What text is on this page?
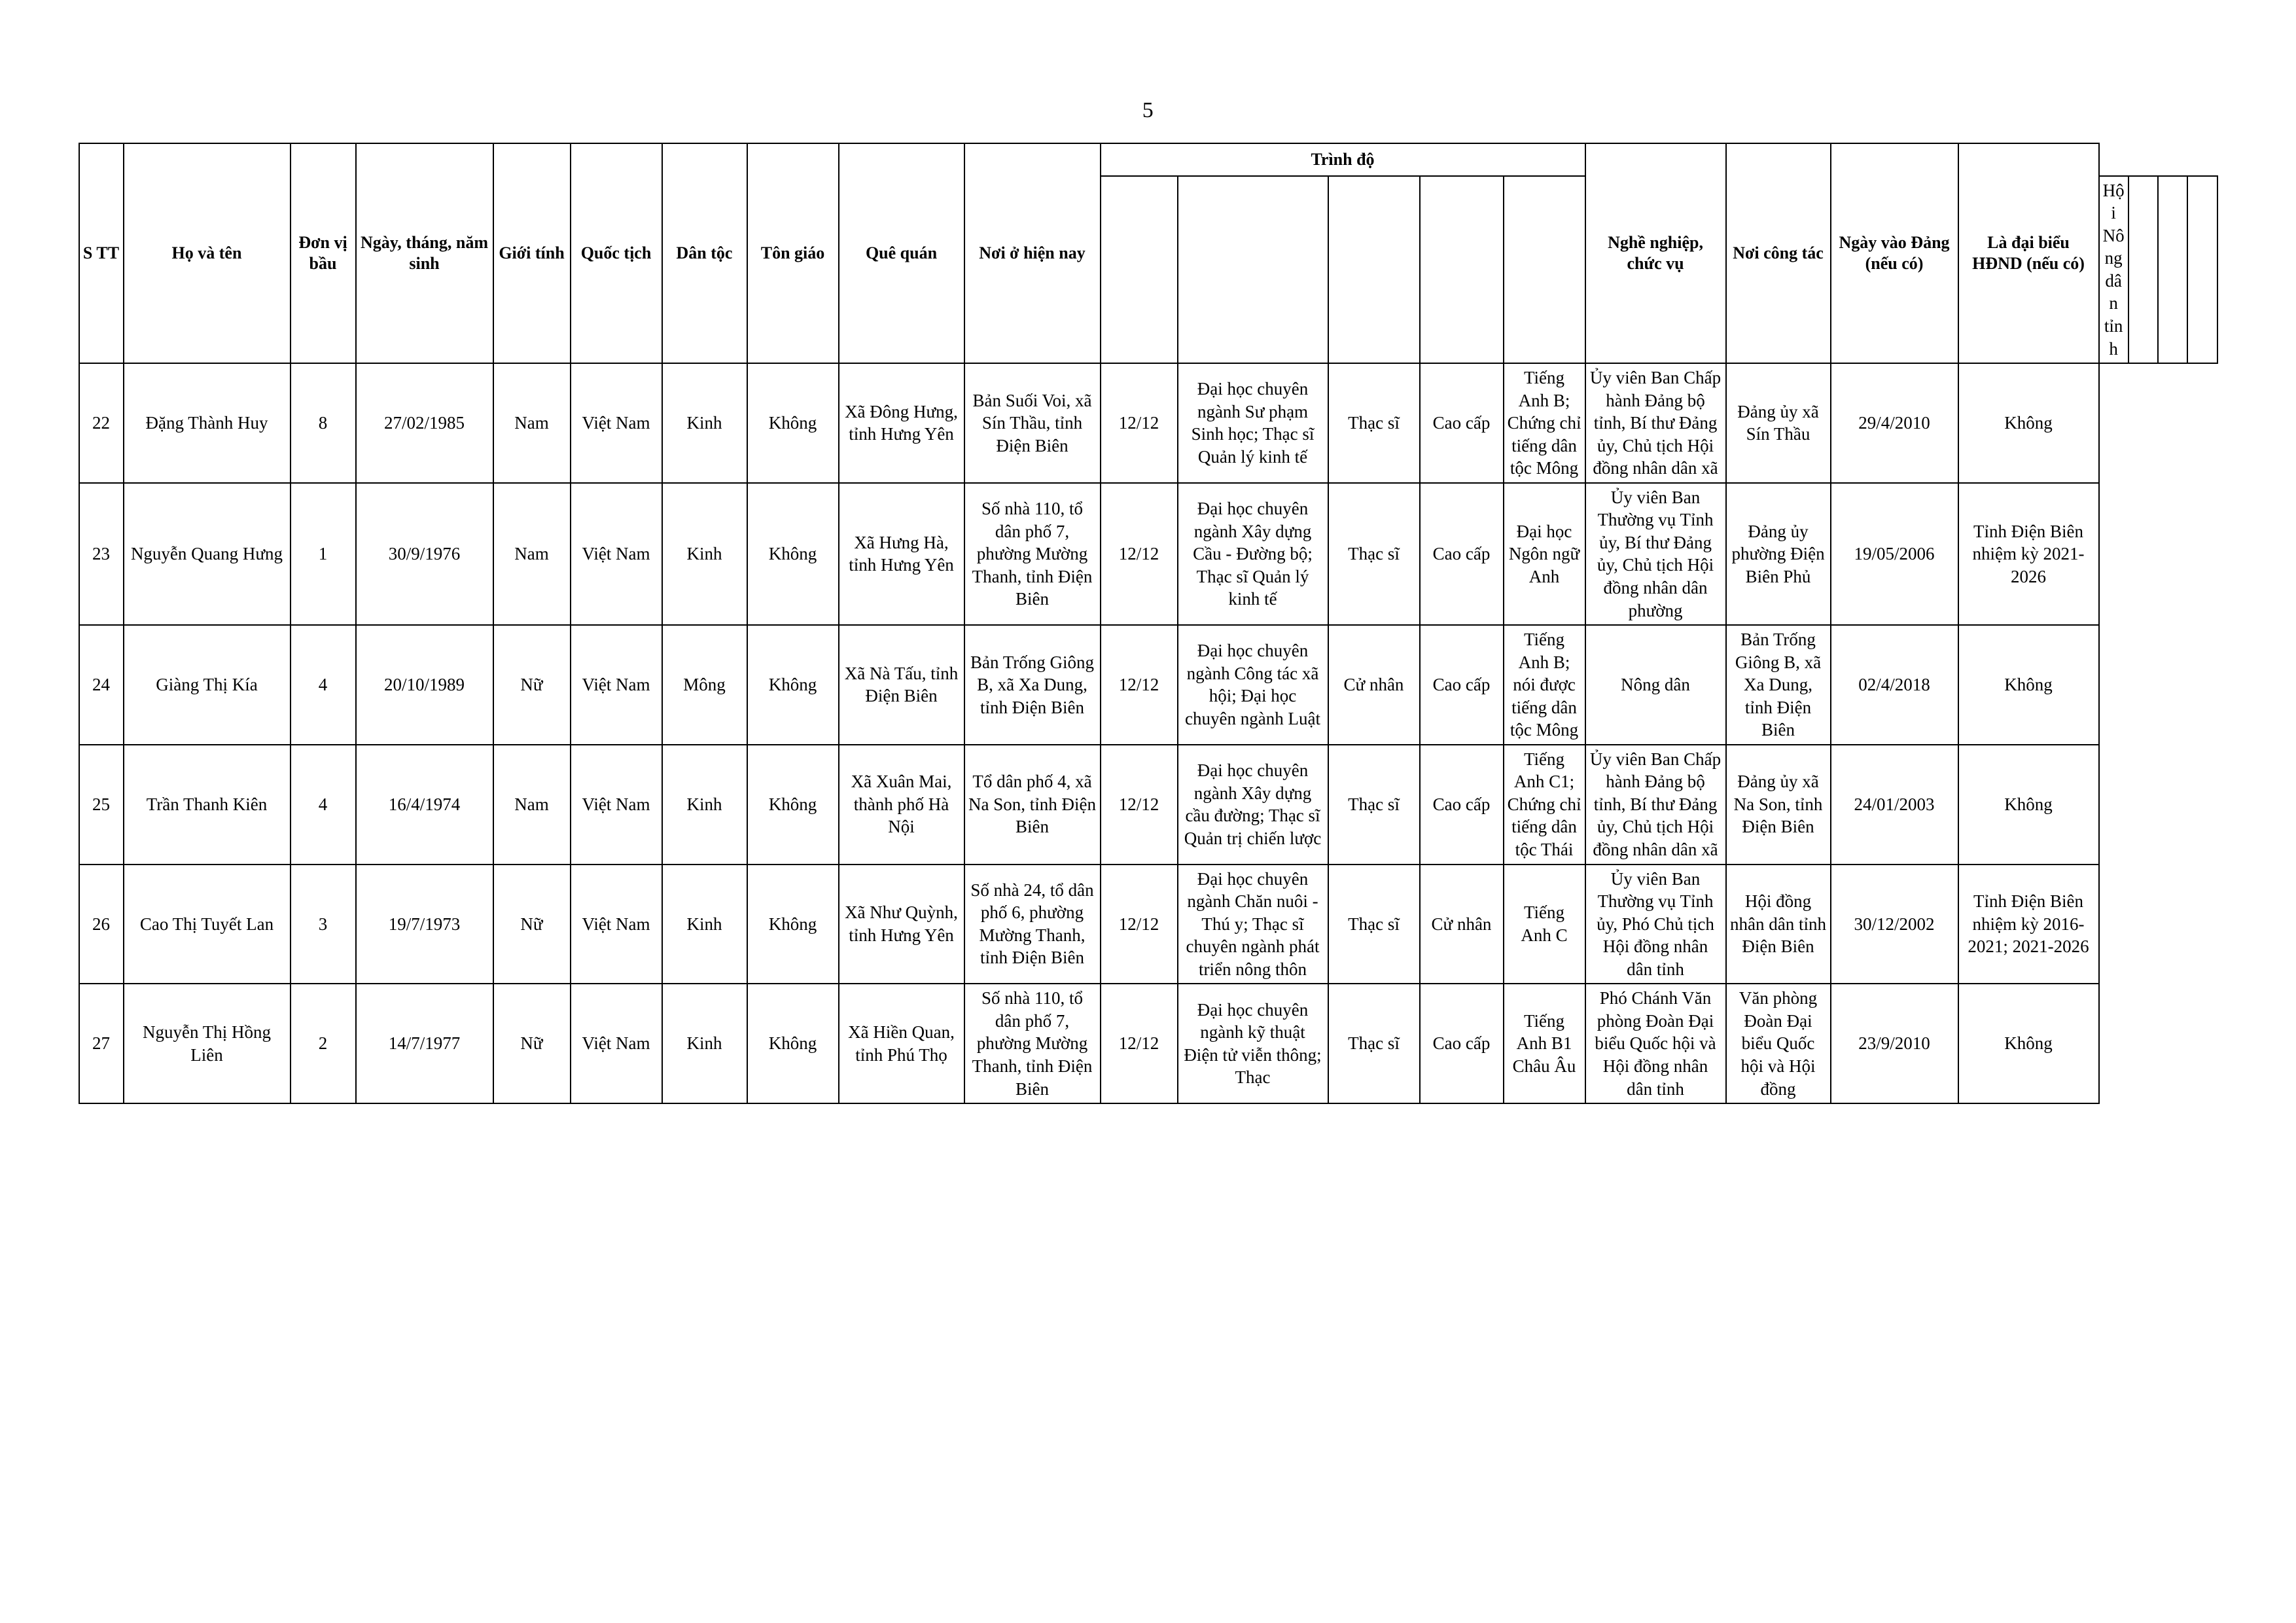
5
S TT	Họ và tên	Đơn vị bầu	Ngày, tháng, năm sinh	Giới tính	Quốc tịch	Dân tộc	Tôn giáo	Quê quán	Nơi ở hiện nay	Trình độ					Nghề nghiệp, chức vụ	Nơi công tác	Ngày vào Đảng (nếu có)	Là đại biểu HĐND (nếu có)				
																			Hội Nông dân tỉnh			
22	Đặng Thành Huy	8	27/02/1985	Nam	Việt Nam	Kinh	Không	Xã Đông Hưng, tỉnh Hưng Yên	Bản Suối Voi, xã Sín Thầu, tỉnh Điện Biên	12/12	Đại học chuyên ngành Sư phạm Sinh học; Thạc sĩ Quản lý kinh tế	Thạc sĩ	Cao cấp	Tiếng Anh B; Chứng chỉ tiếng dân tộc Mông	Ủy viên Ban Chấp hành Đảng bộ tỉnh, Bí thư Đảng ủy, Chủ tịch Hội đồng nhân dân xã	Đảng ủy xã Sín Thầu	29/4/2010	Không				
23	Nguyễn Quang Hưng	1	30/9/1976	Nam	Việt Nam	Kinh	Không	Xã Hưng Hà, tỉnh Hưng Yên	Số nhà 110, tổ dân phố 7, phường Mường Thanh, tỉnh Điện Biên	12/12	Đại học chuyên ngành Xây dựng Cầu - Đường bộ; Thạc sĩ Quản lý kinh tế	Thạc sĩ	Cao cấp	Đại học Ngôn ngữ Anh	Ủy viên Ban Thường vụ Tỉnh ủy, Bí thư Đảng ủy, Chủ tịch Hội đồng nhân dân phường	Đảng ủy phường Điện Biên Phủ	19/05/2006	Tỉnh Điện Biên nhiệm kỳ 2021-2026				
24	Giàng Thị Kía	4	20/10/1989	Nữ	Việt Nam	Mông	Không	Xã Nà Tấu, tỉnh Điện Biên	Bản Trống Giông B, xã Xa Dung, tỉnh Điện Biên	12/12	Đại học chuyên ngành Công tác xã hội; Đại học chuyên ngành Luật	Cử nhân	Cao cấp	Tiếng Anh B; nói được tiếng dân tộc Mông	Nông dân	Bản Trống Giông B, xã Xa Dung, tỉnh Điện Biên	02/4/2018	Không				
25	Trần Thanh Kiên	4	16/4/1974	Nam	Việt Nam	Kinh	Không	Xã Xuân Mai, thành phố Hà Nội	Tổ dân phố 4, xã Na Son, tỉnh Điện Biên	12/12	Đại học chuyên ngành Xây dựng cầu đường; Thạc sĩ Quản trị chiến lược	Thạc sĩ	Cao cấp	Tiếng Anh C1; Chứng chỉ tiếng dân tộc Thái	Ủy viên Ban Chấp hành Đảng bộ tỉnh, Bí thư Đảng ủy, Chủ tịch Hội đồng nhân dân xã	Đảng ủy xã Na Son, tỉnh Điện Biên	24/01/2003	Không				
26	Cao Thị Tuyết Lan	3	19/7/1973	Nữ	Việt Nam	Kinh	Không	Xã Như Quỳnh, tỉnh Hưng Yên	Số nhà 24, tổ dân phố 6, phường Mường Thanh, tỉnh Điện Biên	12/12	Đại học chuyên ngành Chăn nuôi - Thú y; Thạc sĩ chuyên ngành phát triển nông thôn	Thạc sĩ	Cử nhân	Tiếng Anh C	Ủy viên Ban Thường vụ Tỉnh ủy, Phó Chủ tịch Hội đồng nhân dân tỉnh	Hội đồng nhân dân tỉnh Điện Biên	30/12/2002	Tỉnh Điện Biên nhiệm kỳ 2016-2021; 2021-2026				
27	Nguyễn Thị Hồng Liên	2	14/7/1977	Nữ	Việt Nam	Kinh	Không	Xã Hiền Quan, tỉnh Phú Thọ	Số nhà 110, tổ dân phố 7, phường Mường Thanh, tỉnh Điện Biên	12/12	Đại học chuyên ngành kỹ thuật Điện tử viễn thông; Thạc	Thạc sĩ	Cao cấp	Tiếng Anh B1 Châu Âu	Phó Chánh Văn phòng Đoàn Đại biểu Quốc hội và Hội đồng nhân dân tỉnh	Văn phòng Đoàn Đại biểu Quốc hội và Hội đồng	23/9/2010	Không				
